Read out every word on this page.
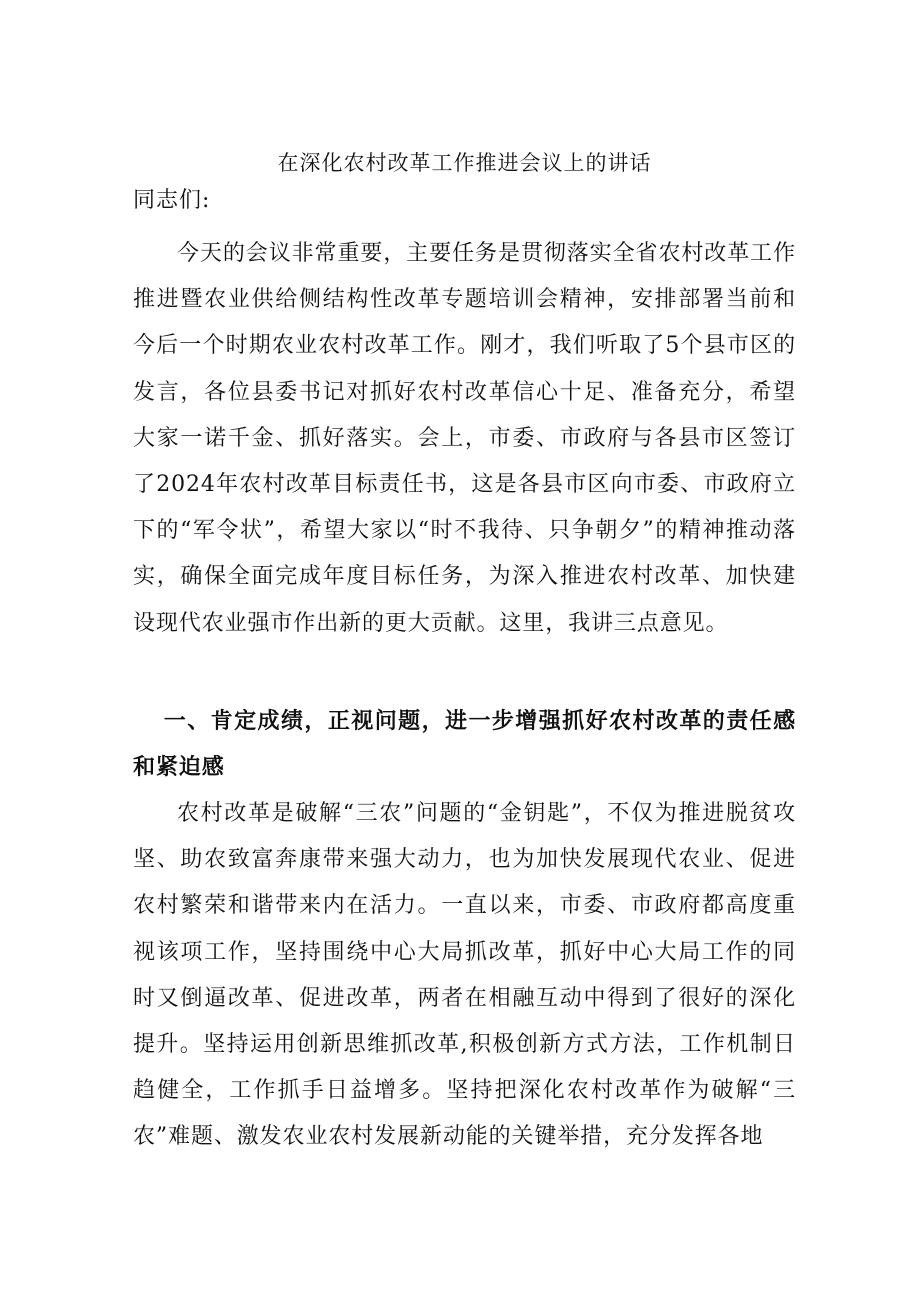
在深化农村改革工作推进会议上的讲话
同志们:

今天的会议非常重要，主要任务是贯彻落实全省农村改革工作推进暨农业供给侧结构性改革专题培训会精神，安排部署当前和今后一个时期农业农村改革工作。刚才，我们听取了5个县市区的发言，各位县委书记对抓好农村改革信心十足、准备充分，希望大家一诺千金、抓好落实。会上，市委、市政府与各县市区签订了2024年农村改革目标责任书，这是各县市区向市委、市政府立下的“军令状”，希望大家以“时不我待、只争朝夕”的精神推动落实，确保全面完成年度目标任务，为深入推进农村改革、加快建设现代农业强市作出新的更大贡献。这里，我讲三点意见。

一、肯定成绩，正视问题，进一步增强抓好农村改革的责任感和紧迫感

农村改革是破解“三农”问题的“金钥匙”，不仅为推进脱贫攻坚、助农致富奔康带来强大动力，也为加快发展现代农业、促进农村繁荣和谐带来内在活力。一直以来，市委、市政府都高度重视该项工作，坚持围绕中心大局抓改革，抓好中心大局工作的同时又倒逼改革、促进改革，两者在相融互动中得到了很好的深化提升。坚持运用创新思维抓改革,积极创新方式方法，工作机制日趋健全，工作抓手日益增多。坚持把深化农村改革作为破解“三农”难题、激发农业农村发展新动能的关键举措，充分发挥各地
